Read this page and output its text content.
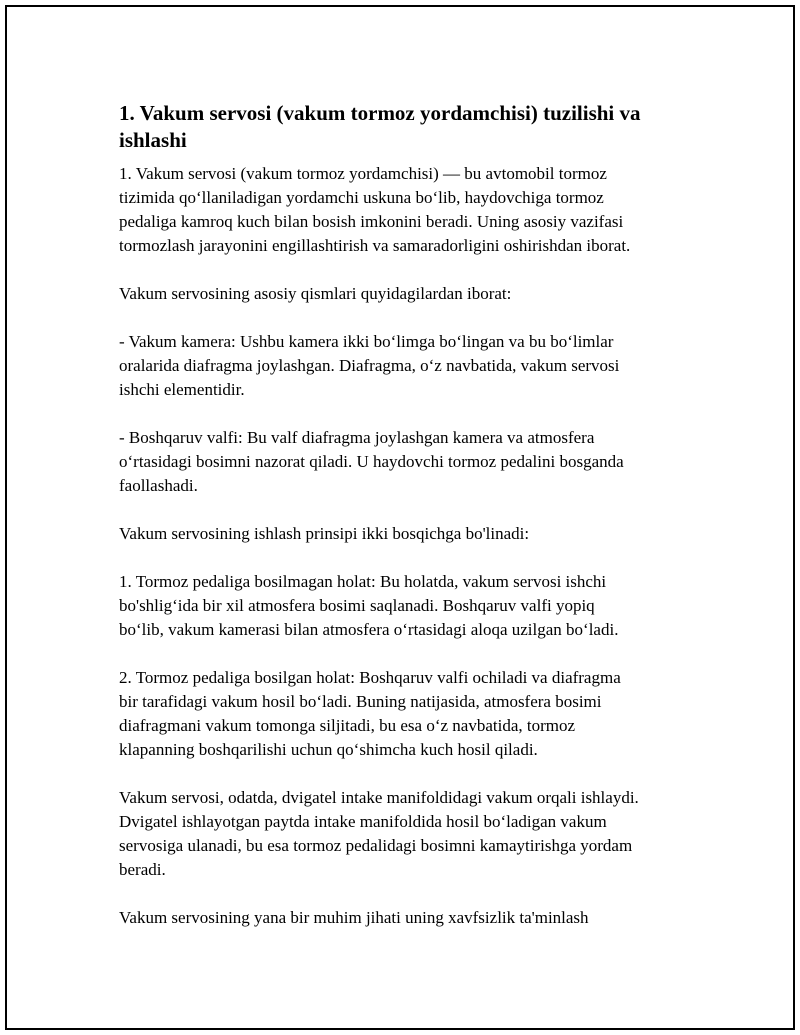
1. Vakum servosi (vakum tormoz yordamchisi) tuzilishi va ishlashi

1. Vakum servosi (vakum tormoz yordamchisi) — bu avtomobil tormoz
tizimida qo‘llaniladigan yordamchi uskuna bo‘lib, haydovchiga tormoz
pedaliga kamroq kuch bilan bosish imkonini beradi. Uning asosiy vazifasi
tormozlash jarayonini engillashtirish va samaradorligini oshirishdan iborat.

Vakum servosining asosiy qismlari quyidagilardan iborat:

- Vakum kamera: Ushbu kamera ikki bo‘limga bo‘lingan va bu bo‘limlar
oralarida diafragma joylashgan. Diafragma, o‘z navbatida, vakum servosi
ishchi elementidir.

- Boshqaruv valfi: Bu valf diafragma joylashgan kamera va atmosfera
o‘rtasidagi bosimni nazorat qiladi. U haydovchi tormoz pedalini bosganda
faollashadi.

Vakum servosining ishlash prinsipi ikki bosqichga bo'linadi:

1. Tormoz pedaliga bosilmagan holat: Bu holatda, vakum servosi ishchi
bo'shlig‘ida bir xil atmosfera bosimi saqlanadi. Boshqaruv valfi yopiq
bo‘lib, vakum kamerasi bilan atmosfera o‘rtasidagi aloqa uzilgan bo‘ladi.

2. Tormoz pedaliga bosilgan holat: Boshqaruv valfi ochiladi va diafragma
bir tarafidagi vakum hosil bo‘ladi. Buning natijasida, atmosfera bosimi
diafragmani vakum tomonga siljitadi, bu esa o‘z navbatida, tormoz
klapanning boshqarilishi uchun qo‘shimcha kuch hosil qiladi.

Vakum servosi, odatda, dvigatel intake manifoldidagi vakum orqali ishlaydi.
Dvigatel ishlayotgan paytda intake manifoldida hosil bo‘ladigan vakum
servosiga ulanadi, bu esa tormoz pedalidagi bosimni kamaytirishga yordam
beradi.

Vakum servosining yana bir muhim jihati uning xavfsizlik ta'minlash
